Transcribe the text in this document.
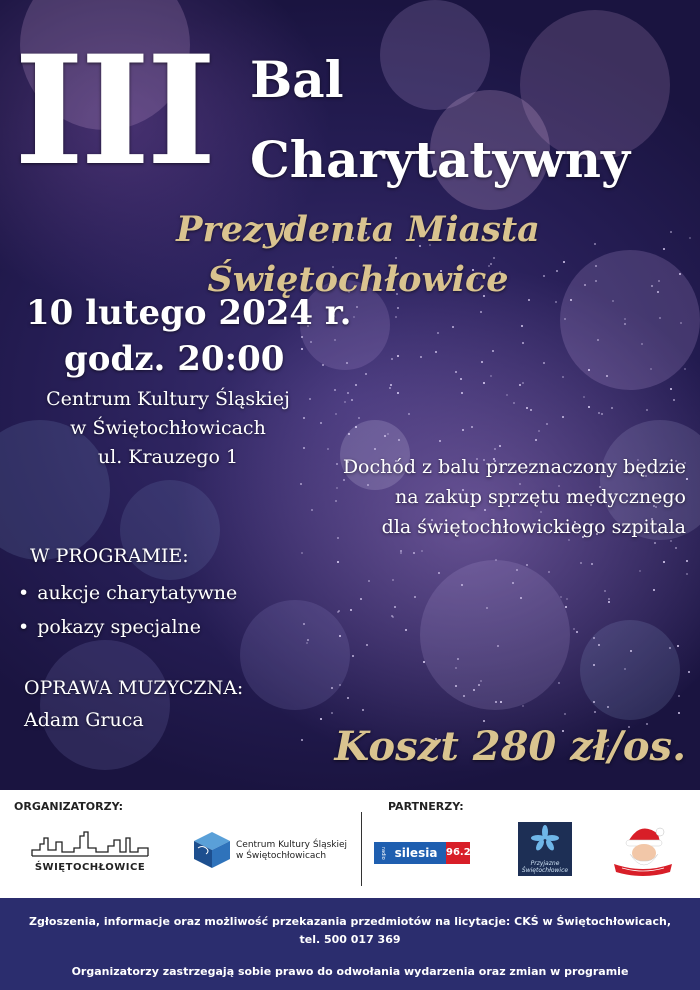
III Bal
Charytatywny
Prezydenta Miasta Świętochłowice
10 lutego 2024 r.
godz. 20:00
Centrum Kultury Śląskiej
w Świętochłowicach
ul. Krauzego 1	Dochód z balu przeznaczony będzie
na zakup sprzętu medycznego
dla świętochłowickiego szpitala
W PROGRAMIE:
• aukcje charytatywne
• pokazy specjalne
OPRAWA MUZYCZNA:
Adam Gruca
Koszt 280 zł/os.
ORGANIZATORZY:	PARTNERZY:
ŚWIĘTOCHŁOWICE
Centrum Kultury Śląskiej
w Świętochłowicach	radio silesia 96.2
Przyjazne
Świętochłowice
Zgłoszenia, informacje oraz możliwość przekazania przedmiotów na licytacje: CKŚ w Świętochłowicach,
tel. 500 017 369
Organizatorzy zastrzegają sobie prawo do odwołania wydarzenia oraz zmian w programie
